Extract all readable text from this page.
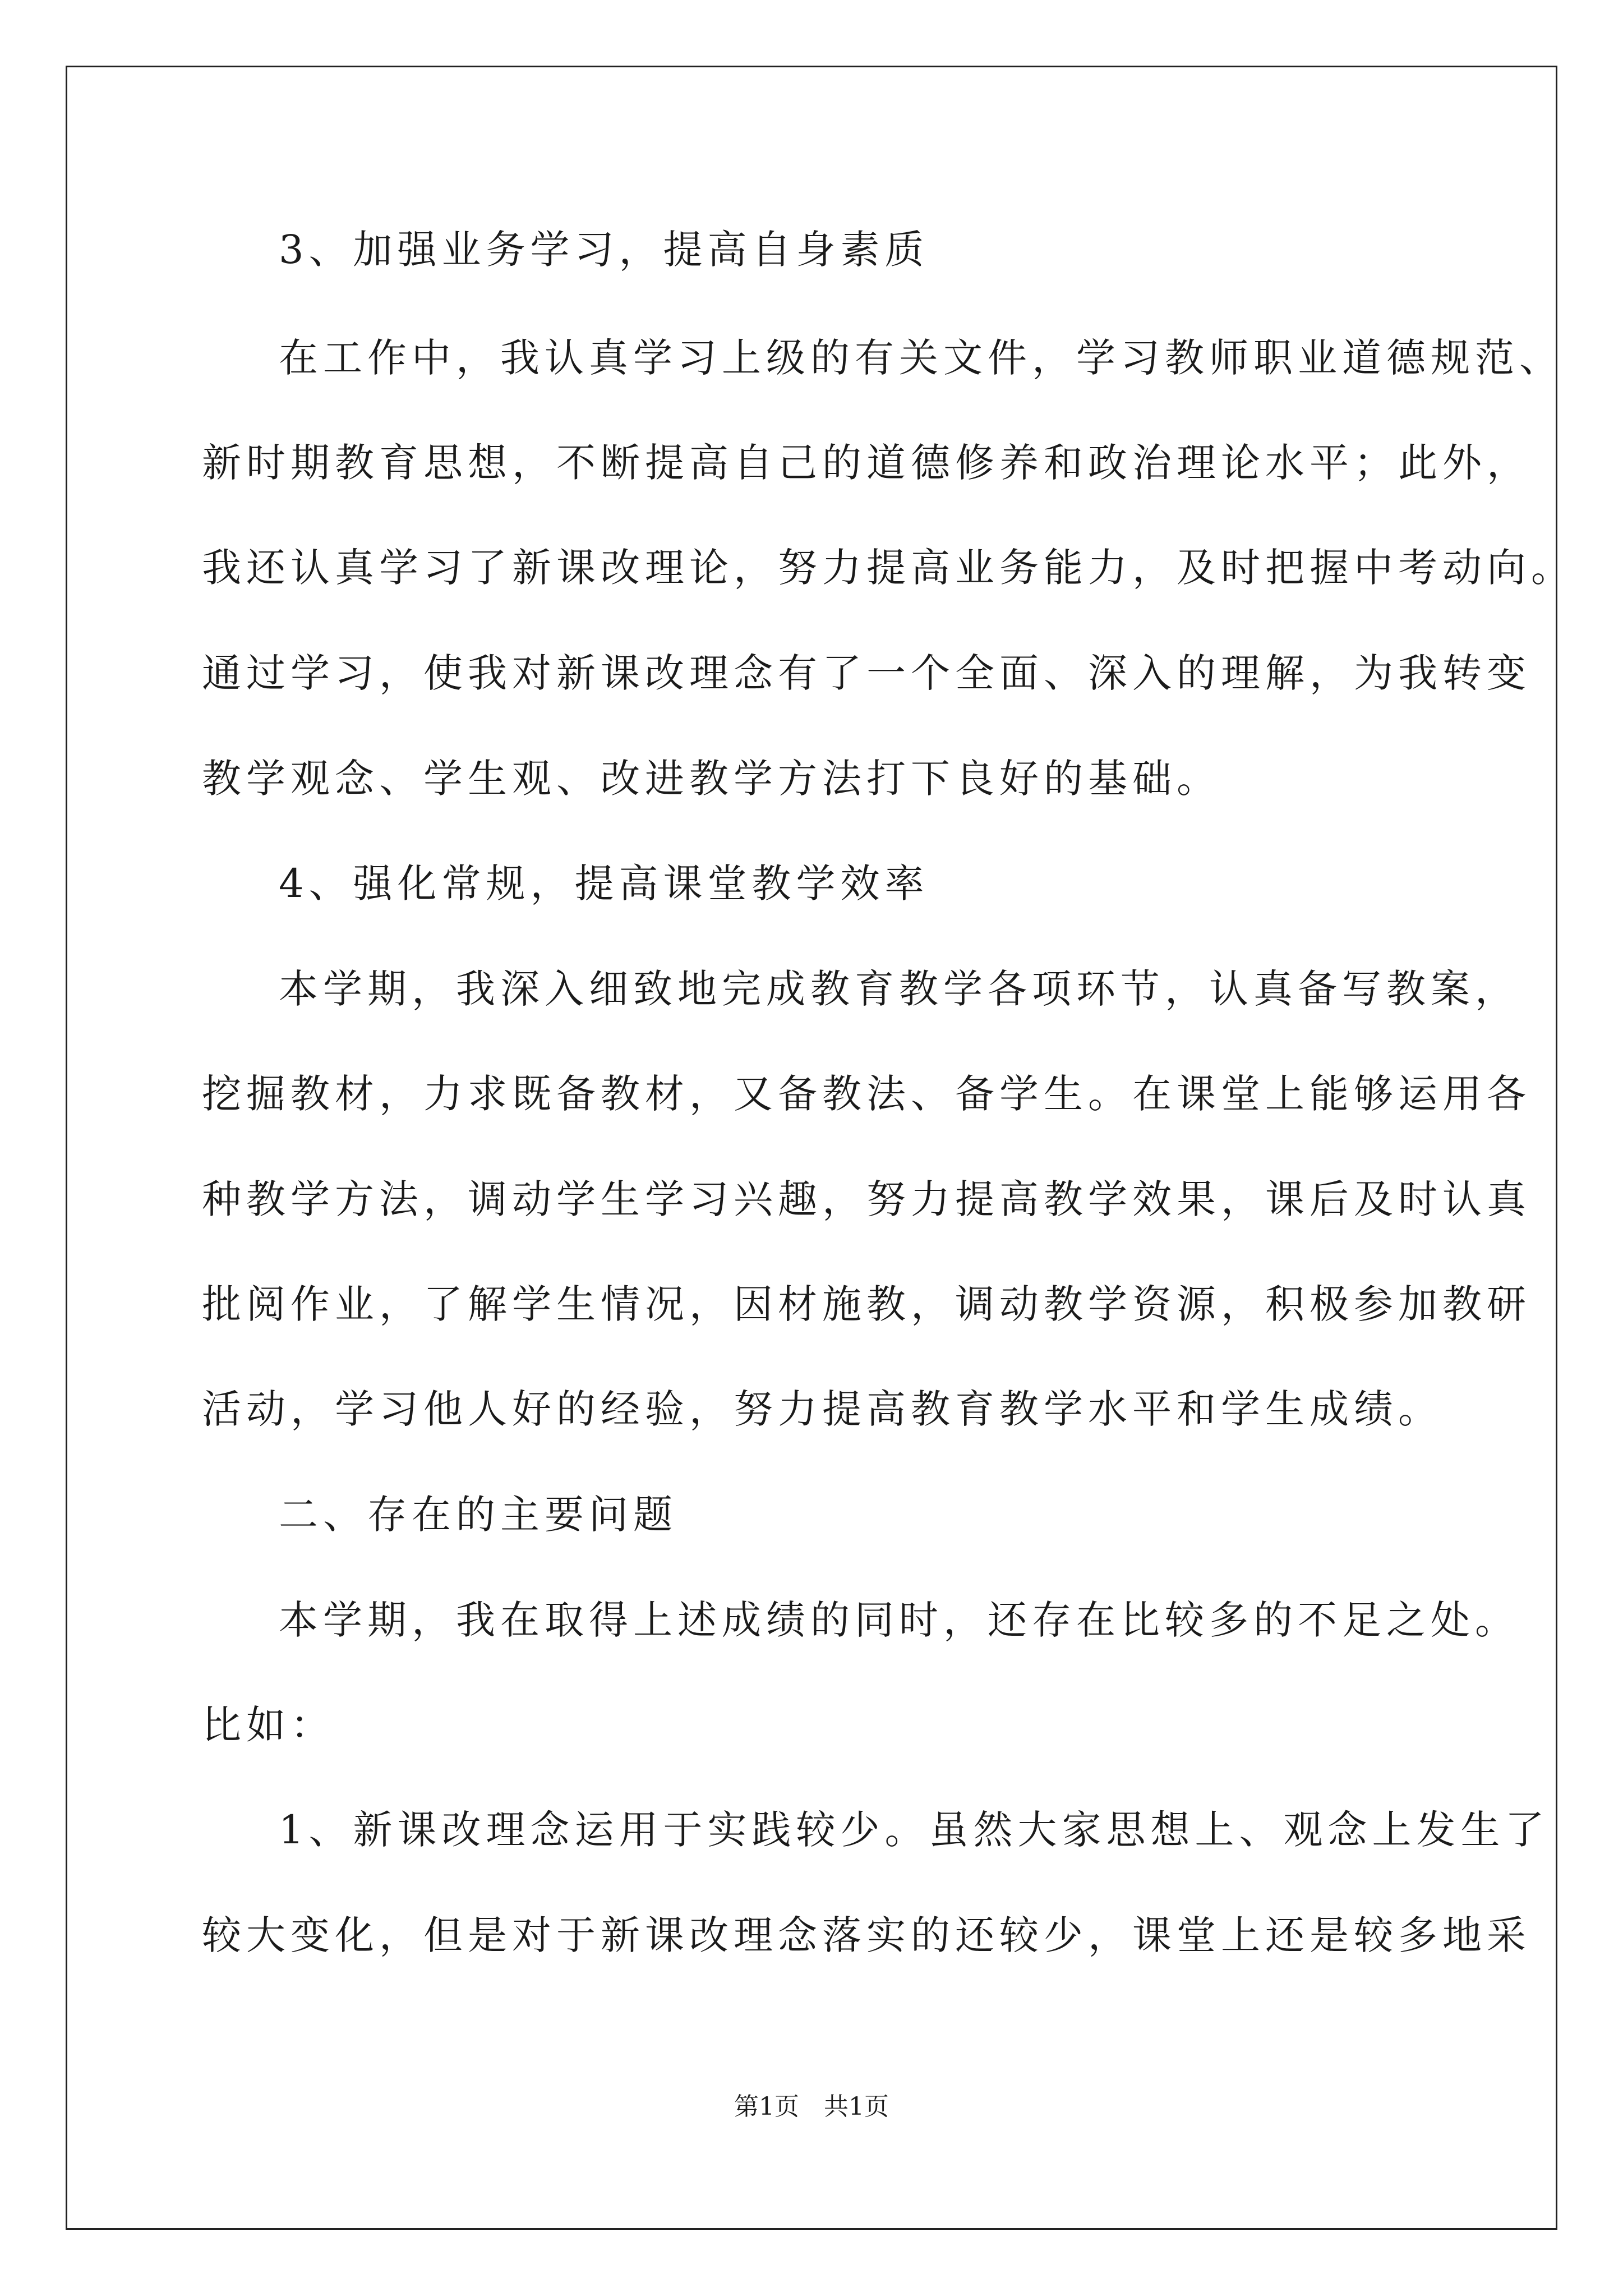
3、加强业务学习，提高自身素质
在工作中，我认真学习上级的有关文件，学习教师职业道德规范、
新时期教育思想，不断提高自己的道德修养和政治理论水平；此外，
我还认真学习了新课改理论，努力提高业务能力，及时把握中考动向。
通过学习，使我对新课改理念有了一个全面、深入的理解，为我转变
教学观念、学生观、改进教学方法打下良好的基础。
4、强化常规，提高课堂教学效率
本学期，我深入细致地完成教育教学各项环节，认真备写教案，
挖掘教材，力求既备教材，又备教法、备学生。在课堂上能够运用各
种教学方法，调动学生学习兴趣，努力提高教学效果，课后及时认真
批阅作业，了解学生情况，因材施教，调动教学资源，积极参加教研
活动，学习他人好的经验，努力提高教育教学水平和学生成绩。
二、存在的主要问题
本学期，我在取得上述成绩的同时，还存在比较多的不足之处。
比如：
1、新课改理念运用于实践较少。虽然大家思想上、观念上发生了
较大变化，但是对于新课改理念落实的还较少，课堂上还是较多地采
第1页 共1页
